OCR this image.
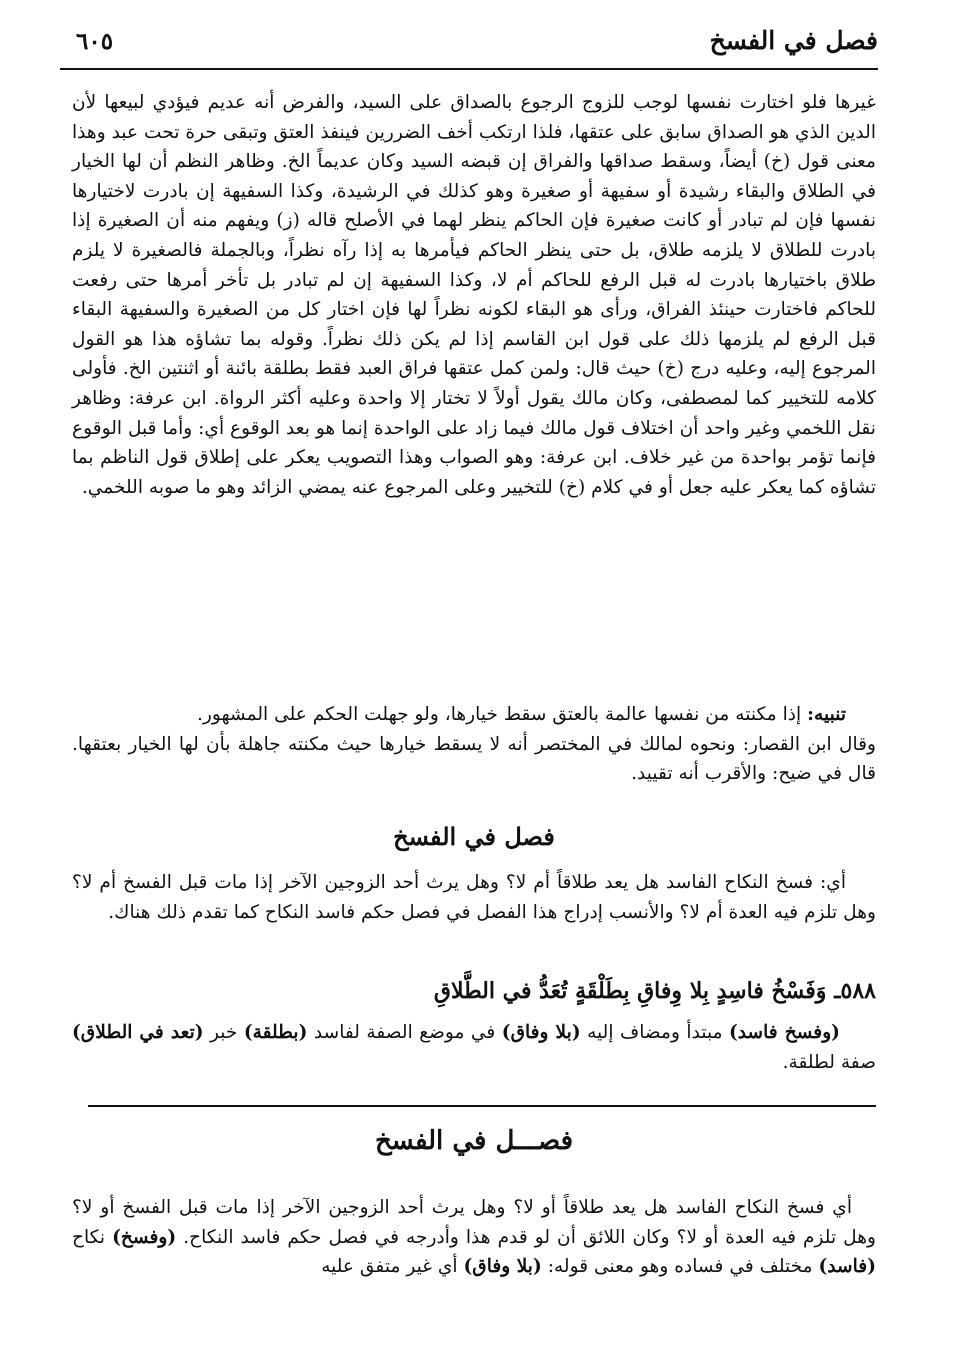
فصل في الفسخ
٦٠٥

غيرها فلو اختارت نفسها لوجب للزوج الرجوع بالصداق على السيد، والفرض أنه عديم فيؤدي لبيعها لأن الدين الذي هو الصداق سابق على عتقها، فلذا ارتكب أخف الضررين فينفذ العتق وتبقى حرة تحت عبد وهذا معنى قول (خ) أيضاً، وسقط صداقها والفراق إن قبضه السيد وكان عديماً الخ. وظاهر النظم أن لها الخيار في الطلاق والبقاء رشيدة أو سفيهة أو صغيرة وهو كذلك في الرشيدة، وكذا السفيهة إن بادرت لاختيارها نفسها فإن لم تبادر أو كانت صغيرة فإن الحاكم ينظر لهما في الأصلح قاله (ز) ويفهم منه أن الصغيرة إذا بادرت للطلاق لا يلزمه طلاق، بل حتى ينظر الحاكم فيأمرها به إذا رآه نظراً، وبالجملة فالصغيرة لا يلزم طلاق باختيارها بادرت له قبل الرفع للحاكم أم لا، وكذا السفيهة إن لم تبادر بل تأخر أمرها حتى رفعت للحاكم فاختارت حينئذ الفراق، ورأى هو البقاء لكونه نظراً لها فإن اختار كل من الصغيرة والسفيهة البقاء قبل الرفع لم يلزمها ذلك على قول ابن القاسم إذا لم يكن ذلك نظراً. وقوله بما تشاؤه هذا هو القول المرجوع إليه، وعليه درج (خ) حيث قال: ولمن كمل عتقها فراق العبد فقط بطلقة بائنة أو اثنتين الخ. فأولى كلامه للتخيير كما لمصطفى، وكان مالك يقول أولاً لا تختار إلا واحدة وعليه أكثر الرواة. ابن عرفة: وظاهر نقل اللخمي وغير واحد أن اختلاف قول مالك فيما زاد على الواحدة إنما هو بعد الوقوع أي: وأما قبل الوقوع فإنما تؤمر بواحدة من غير خلاف. ابن عرفة: وهو الصواب وهذا التصويب يعكر على إطلاق قول الناظم بما تشاؤه كما يعكر عليه جعل أو في كلام (خ) للتخيير وعلى المرجوع عنه يمضي الزائد وهو ما صوبه اللخمي.

تنبيه: إذا مكنته من نفسها عالمة بالعتق سقط خيارها، ولو جهلت الحكم على المشهور.

وقال ابن القصار: ونحوه لمالك في المختصر أنه لا يسقط خيارها حيث مكنته جاهلة بأن لها الخيار بعتقها. قال في ضيح: والأقرب أنه تقييد.

فصل في الفسخ

أي: فسخ النكاح الفاسد هل يعد طلاقاً أم لا؟ وهل يرث أحد الزوجين الآخر إذا مات قبل الفسخ أم لا؟ وهل تلزم فيه العدة أم لا؟ والأنسب إدراج هذا الفصل في فصل حكم فاسد النكاح كما تقدم ذلك هناك.

٥٨٨ـ وَفَسْخُ فاسِدٍ بِلا وِفاقِ بِطَلْقَةٍ تُعَدُّ في الطَّلاقِ

(وفسخ فاسد) مبتدأ ومضاف إليه (بلا وفاق) في موضع الصفة لفاسد (بطلقة) خبر (تعد في الطلاق) صفة لطلقة.

فصـــل في الفسخ

أي فسخ النكاح الفاسد هل يعد طلاقاً أو لا؟ وهل يرث أحد الزوجين الآخر إذا مات قبل الفسخ أو لا؟ وهل تلزم فيه العدة أو لا؟ وكان اللائق أن لو قدم هذا وأدرجه في فصل حكم فاسد النكاح. (وفسخ) نكاح (فاسد) مختلف في فساده وهو معنى قوله: (بلا وفاق) أي غير متفق عليه
